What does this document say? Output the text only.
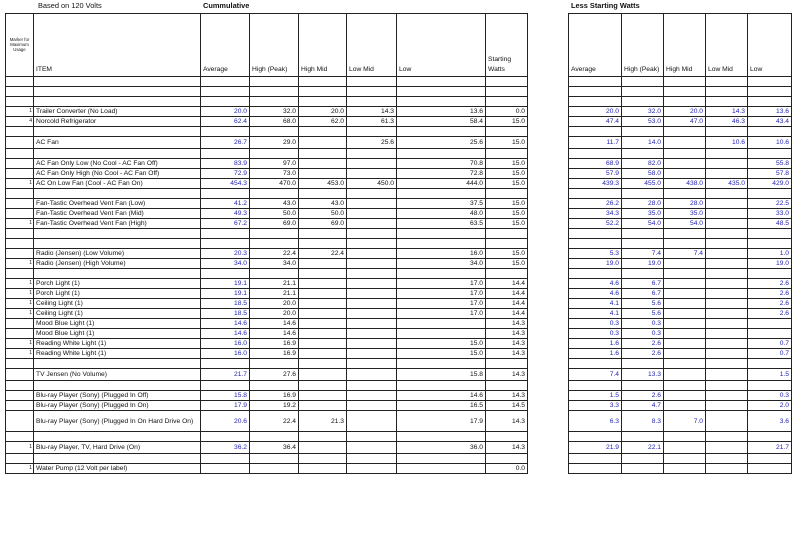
Based on 120 Volts	Cummulative	Less Starting Watts
Marker for Maximum Usage	ITEM	Average	High (Peak)	High Mid	Low Mid	Low	Starting Watts		Average	High (Peak)	High Mid	Low Mid	Low

1	Trailer Converter (No Load)	20.0	32.0	20.0	14.3	13.6	0.0		20.0	32.0	20.0	14.3	13.6
4	Norcold Refrigerator	62.4	68.0	62.0	61.3	58.4	15.0		47.4	53.0	47.0	46.3	43.4

	AC Fan	26.7	29.0		25.6	25.6	15.0		11.7	14.0		10.6	10.6

	AC Fan Only Low (No Cool - AC Fan Off)	83.9	97.0			70.8	15.0		68.9	82.0			55.8
	AC Fan Only High (No Cool - AC Fan Off)	72.9	73.0			72.8	15.0		57.9	58.0			57.8
1	AC On Low Fan (Cool - AC Fan On)	454.3	470.0	453.0	450.0	444.0	15.0		439.3	455.0	438.0	435.0	429.0

	Fan-Tastic Overhead Vent Fan (Low)	41.2	43.0	43.0		37.5	15.0		26.2	28.0	28.0		22.5
	Fan-Tastic Overhead Vent Fan (Mid)	49.3	50.0	50.0		48.0	15.0		34.3	35.0	35.0		33.0
1	Fan-Tastic Overhead Vent Fan (High)	67.2	69.0	69.0		63.5	15.0		52.2	54.0	54.0		48.5

	Radio (Jensen) (Low Volume)	20.3	22.4	22.4		16.0	15.0		5.3	7.4	7.4		1.0
1	Radio (Jensen) (High Volume)	34.0	34.0			34.0	15.0		19.0	19.0			19.0

1	Porch Light (1)	19.1	21.1			17.0	14.4		4.6	6.7			2.6
1	Porch Light (1)	19.1	21.1			17.0	14.4		4.6	6.7			2.6
1	Ceiling Light (1)	18.5	20.0			17.0	14.4		4.1	5.6			2.6
1	Ceiling Light (1)	18.5	20.0			17.0	14.4		4.1	5.6			2.6
	Mood Blue Light (1)	14.6	14.6				14.3		0.3	0.3			
	Mood Blue Light (1)	14.6	14.6				14.3		0.3	0.3			
1	Reading White Light (1)	16.0	16.9			15.0	14.3		1.6	2.6			0.7
1	Reading White Light (1)	16.0	16.9			15.0	14.3		1.6	2.6			0.7

	TV Jensen (No Volume)	21.7	27.6			15.8	14.3		7.4	13.3			1.5

	Blu-ray Player (Sony) (Plugged In Off)	15.8	16.9			14.6	14.3		1.5	2.6			0.3
	Blu-ray Player (Sony) (Plugged In On)	17.9	19.2			16.5	14.5		3.3	4.7			2.0
	Blu-ray Player (Sony) (Plugged In On Hard Drive On)	20.6	22.4	21.3		17.9	14.3		6.3	8.3	7.0		3.6

1	Blu-ray Player, TV, Hard Drive (On)	36.2	36.4			36.0	14.3		21.9	22.1			21.7

1	Water Pump (12 Volt per label)						0.0						
